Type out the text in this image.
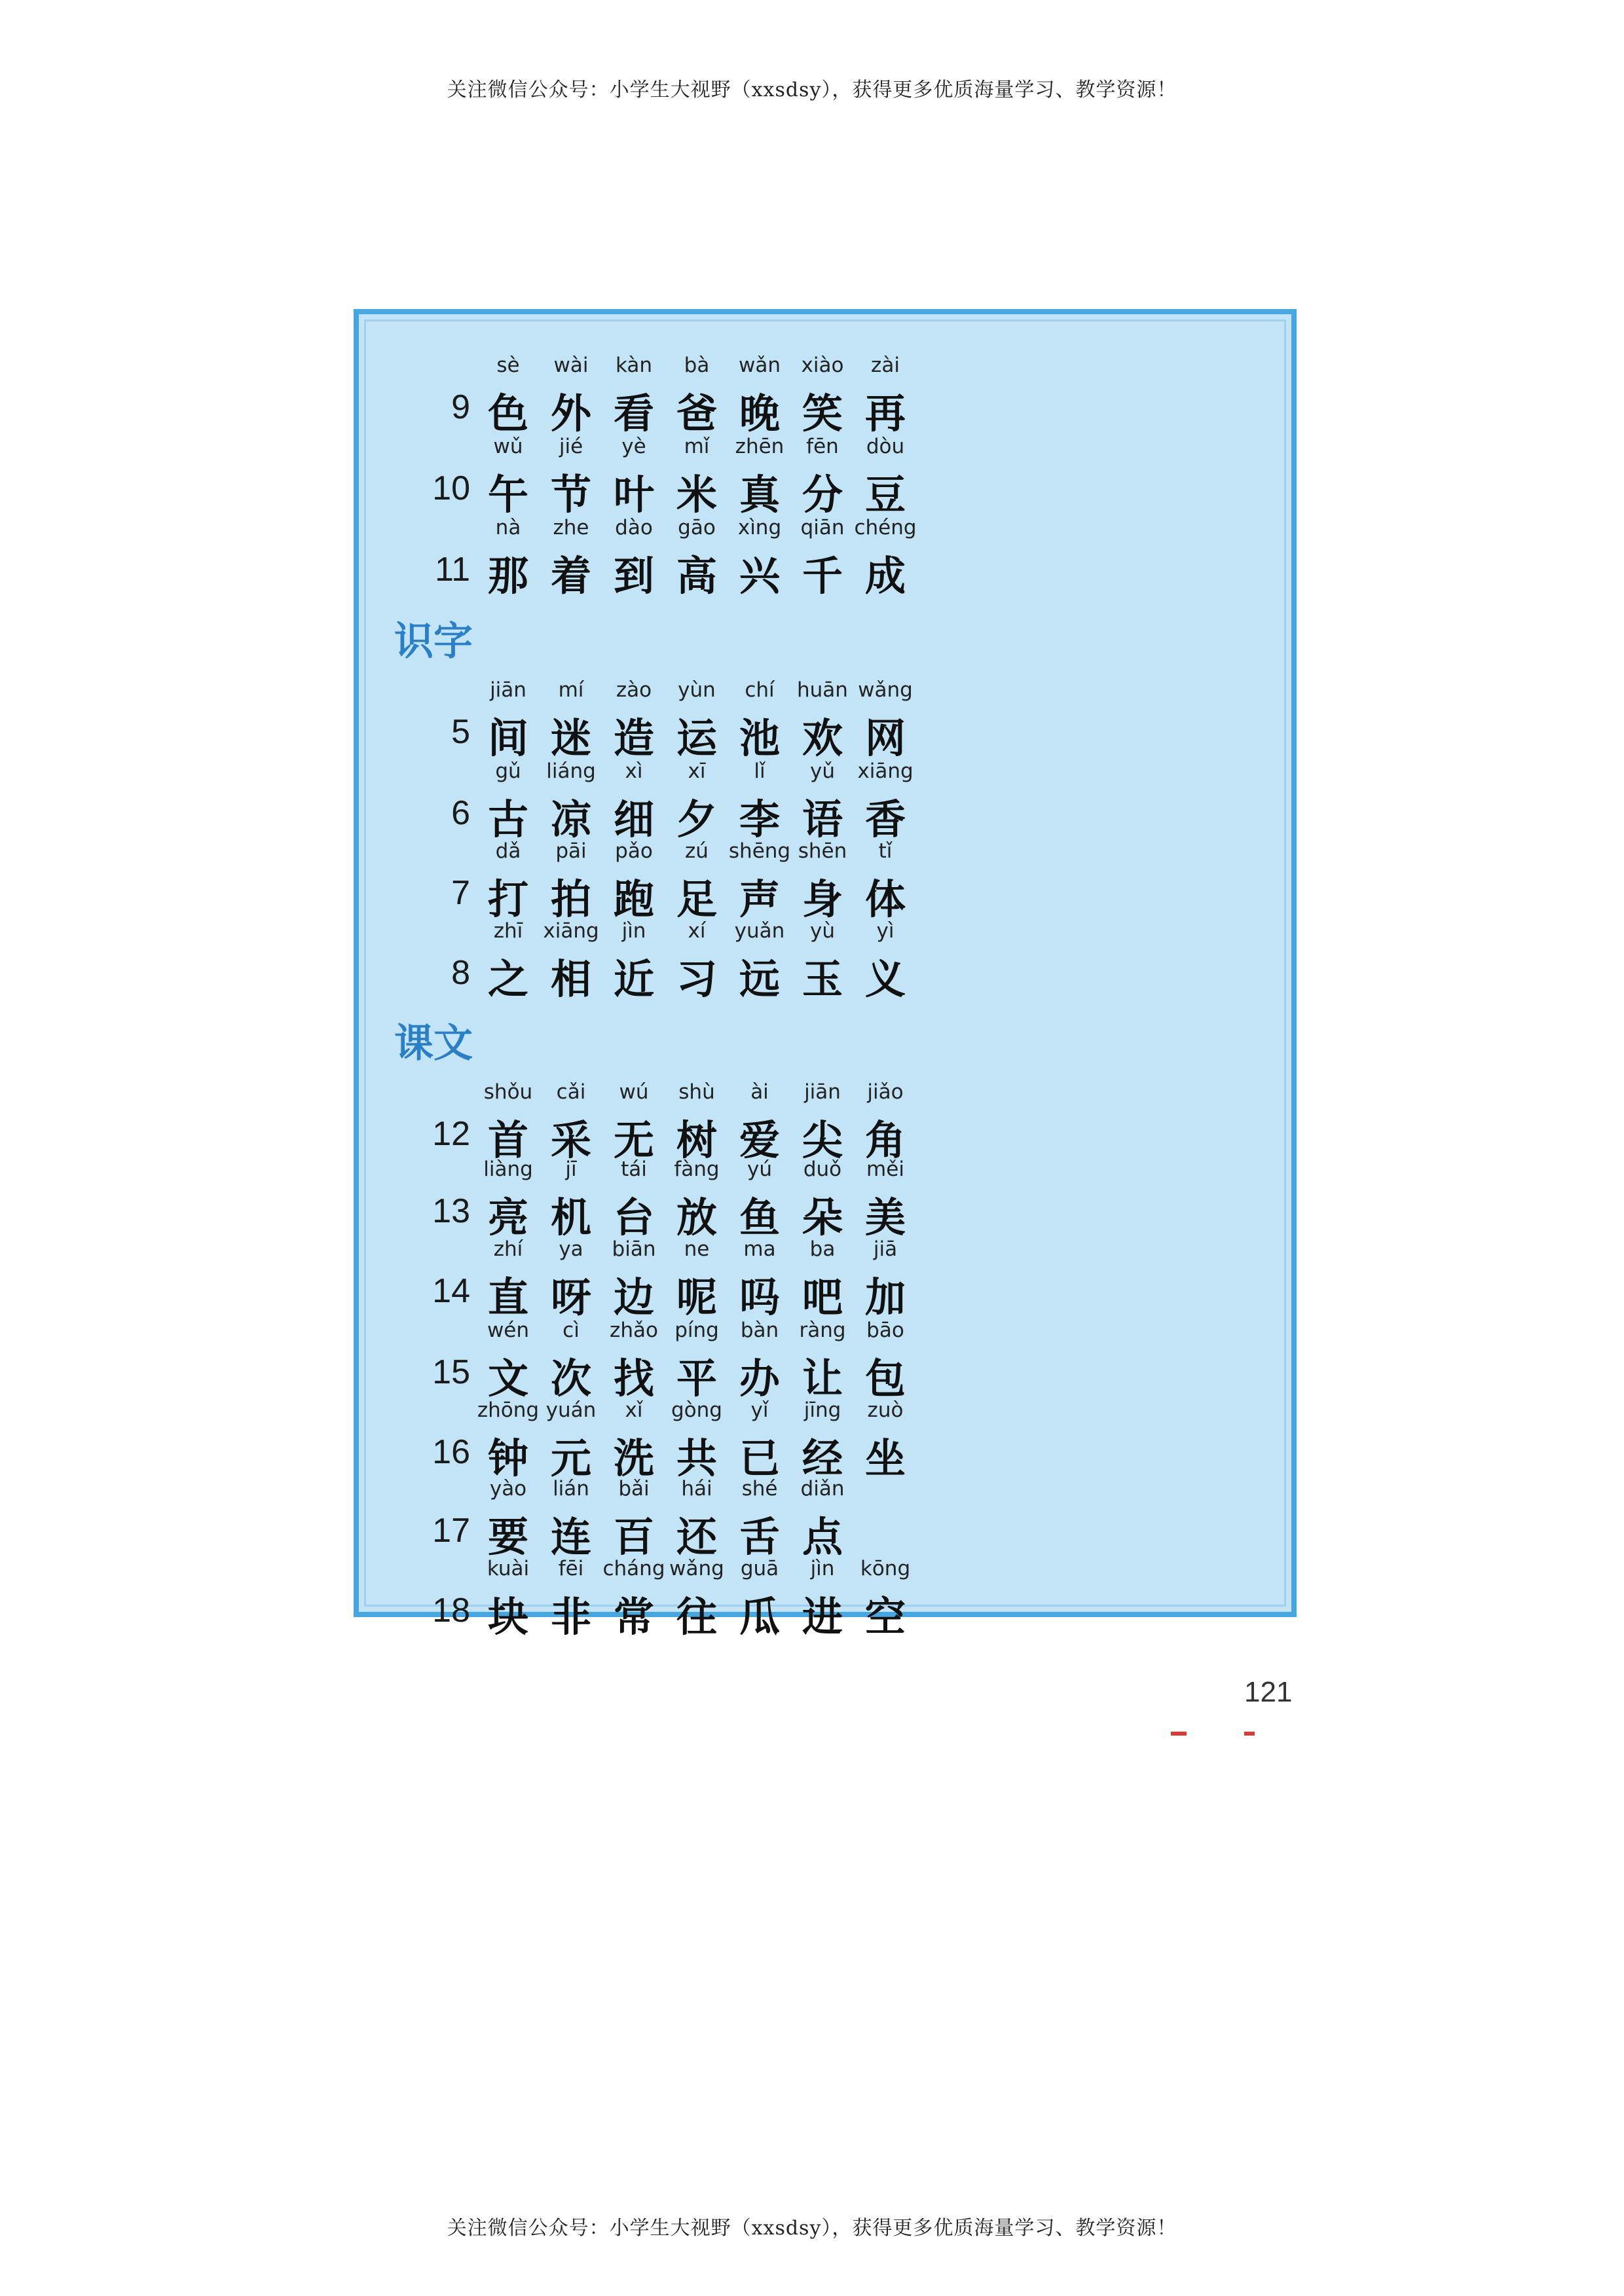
关注微信公众号：小学生大视野（xxsdsy），获得更多优质海量学习、教学资源！
9
sè
色
wài
外
kàn
看
bà
爸
wǎn
晚
xiào
笑
zài
再
10
wǔ
午
jié
节
yè
叶
mǐ
米
zhēn
真
fēn
分
dòu
豆
11
nà
那
zhe
着
dào
到
gāo
高
xìng
兴
qiān
千
chéng
成
识字
5
jiān
间
mí
迷
zào
造
yùn
运
chí
池
huān
欢
wǎng
网
6
gǔ
古
liáng
凉
xì
细
xī
夕
lǐ
李
yǔ
语
xiāng
香
7
dǎ
打
pāi
拍
pǎo
跑
zú
足
shēng
声
shēn
身
tǐ
体
8
zhī
之
xiāng
相
jìn
近
xí
习
yuǎn
远
yù
玉
yì
义
课文
12
shǒu
首
cǎi
采
wú
无
shù
树
ài
爱
jiān
尖
jiǎo
角
13
liàng
亮
jī
机
tái
台
fàng
放
yú
鱼
duǒ
朵
měi
美
14
zhí
直
ya
呀
biān
边
ne
呢
ma
吗
ba
吧
jiā
加
15
wén
文
cì
次
zhǎo
找
píng
平
bàn
办
ràng
让
bāo
包
16
zhōng
钟
yuán
元
xǐ
洗
gòng
共
yǐ
已
jīng
经
zuò
坐
17
yào
要
lián
连
bǎi
百
hái
还
shé
舌
diǎn
点
18
kuài
块
fēi
非
cháng
常
wǎng
往
guā
瓜
jìn
进
kōng
空
121
关注微信公众号：小学生大视野（xxsdsy），获得更多优质海量学习、教学资源！
